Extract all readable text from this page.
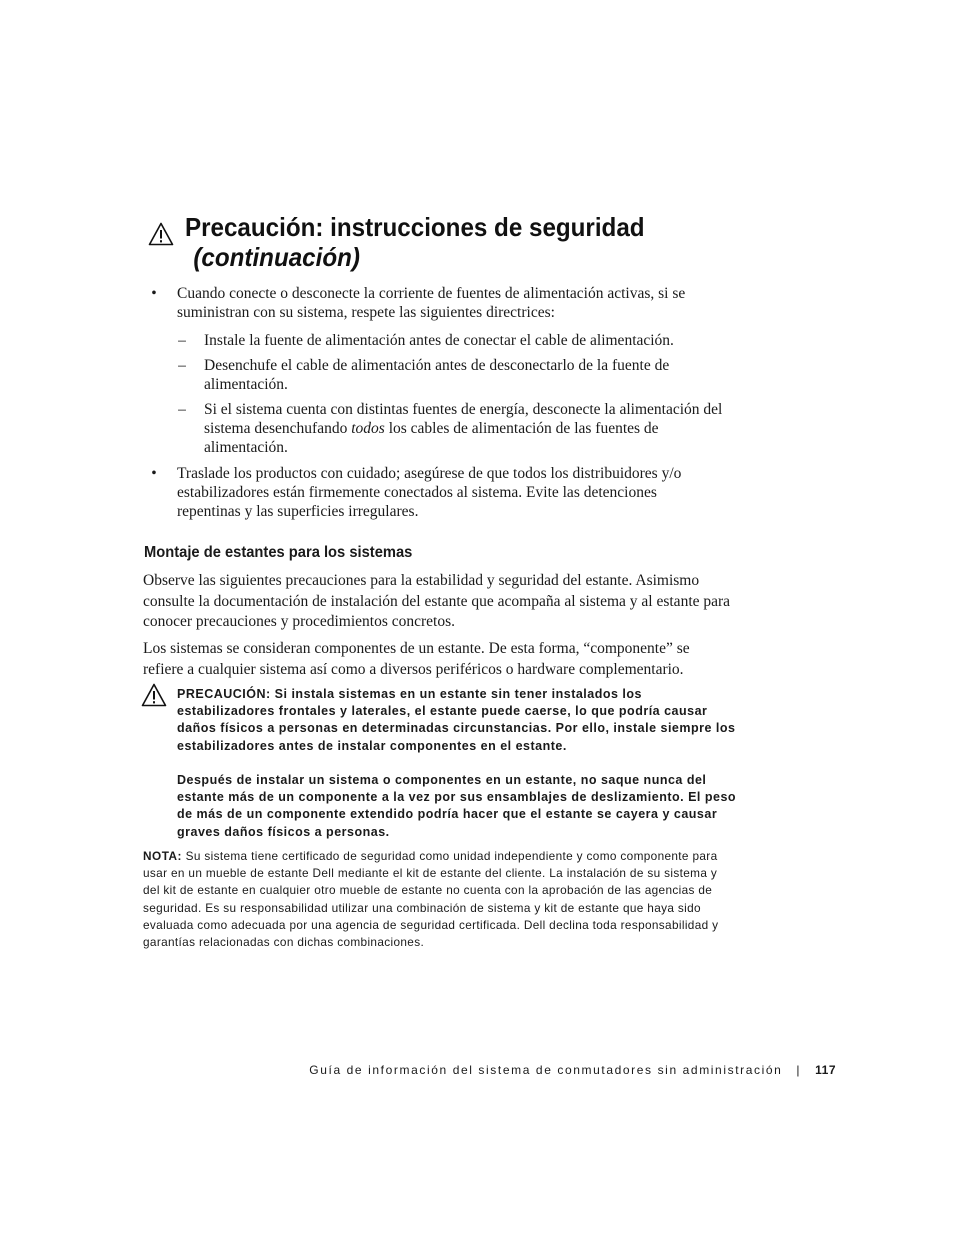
Precaución: instrucciones de seguridad
(continuación)
• Cuando conecte o desconecte la corriente de fuentes de alimentación activas, si se suministran con su sistema, respete las siguientes directrices:
– Instale la fuente de alimentación antes de conectar el cable de alimentación.
– Desenchufe el cable de alimentación antes de desconectarlo de la fuente de alimentación.
– Si el sistema cuenta con distintas fuentes de energía, desconecte la alimentación del sistema desenchufando todos los cables de alimentación de las fuentes de alimentación.
• Traslade los productos con cuidado; asegúrese de que todos los distribuidores y/o estabilizadores están firmemente conectados al sistema. Evite las detenciones repentinas y las superficies irregulares.
Montaje de estantes para los sistemas

Observe las siguientes precauciones para la estabilidad y seguridad del estante. Asimismo consulte la documentación de instalación del estante que acompaña al sistema y al estante para conocer precauciones y procedimientos concretos.

Los sistemas se consideran componentes de un estante. De esta forma, “componente” se refiere a cualquier sistema así como a diversos periféricos o hardware complementario.

PRECAUCIÓN: Si instala sistemas en un estante sin tener instalados los estabilizadores frontales y laterales, el estante puede caerse, lo que podría causar daños físicos a personas en determinadas circunstancias. Por ello, instale siempre los estabilizadores antes de instalar componentes en el estante.
Después de instalar un sistema o componentes en un estante, no saque nunca del estante más de un componente a la vez por sus ensamblajes de deslizamiento. El peso de más de un componente extendido podría hacer que el estante se cayera y causar graves daños físicos a personas.
NOTA: Su sistema tiene certificado de seguridad como unidad independiente y como componente para usar en un mueble de estante Dell mediante el kit de estante del cliente. La instalación de su sistema y del kit de estante en cualquier otro mueble de estante no cuenta con la aprobación de las agencias de seguridad. Es su responsabilidad utilizar una combinación de sistema y kit de estante que haya sido evaluada como adecuada por una agencia de seguridad certificada. Dell declina toda responsabilidad y garantías relacionadas con dichas combinaciones.
Guía de información del sistema de conmutadores sin administración | 117
